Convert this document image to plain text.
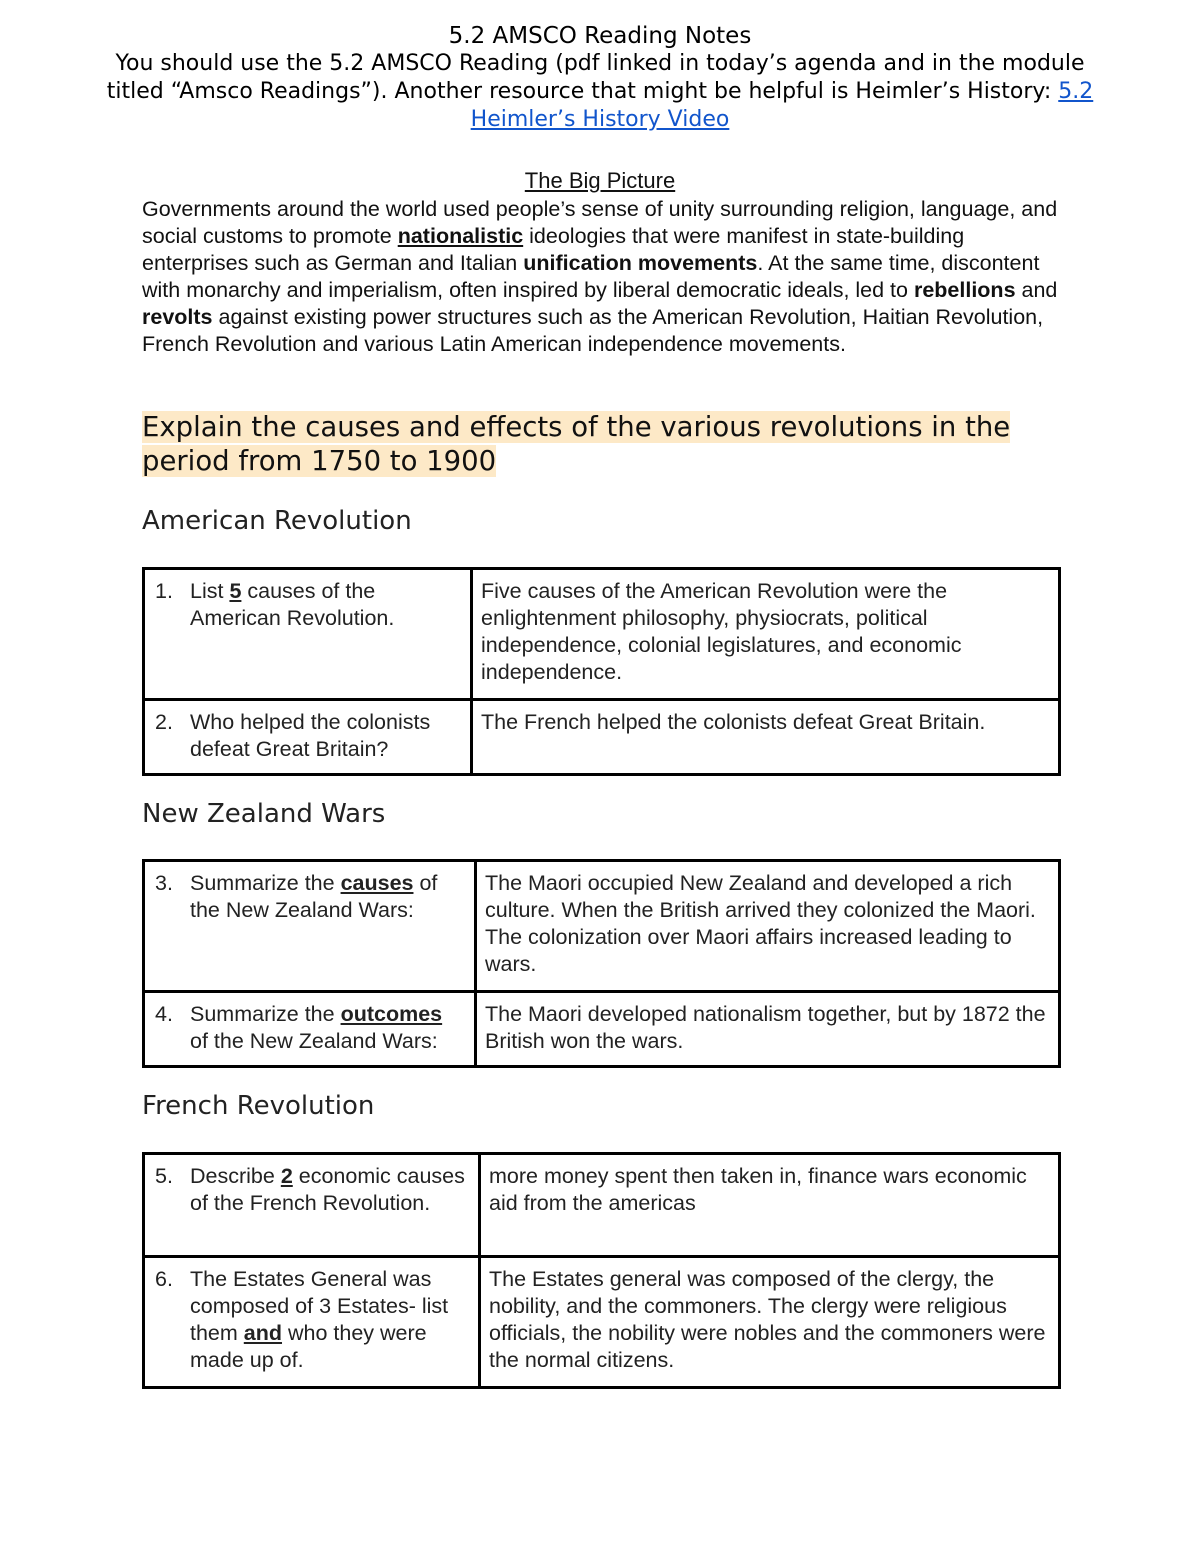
5.2 AMSCO Reading Notes
You should use the 5.2 AMSCO Reading (pdf linked in today’s agenda and in the module titled “Amsco Readings”). Another resource that might be helpful is Heimler’s History: 5.2 Heimler’s History Video
The Big Picture
Governments around the world used people’s sense of unity surrounding religion, language, and social customs to promote nationalistic ideologies that were manifest in state-building enterprises such as German and Italian unification movements. At the same time, discontent with monarchy and imperialism, often inspired by liberal democratic ideals, led to rebellions and revolts against existing power structures such as the American Revolution, Haitian Revolution, French Revolution and various Latin American independence movements.
Explain the causes and effects of the various revolutions in the period from 1750 to 1900
American Revolution
1. List 5 causes of the American Revolution.	Five causes of the American Revolution were the enlightenment philosophy, physiocrats, political independence, colonial legislatures, and economic independence.

2. Who helped the colonists defeat Great Britain?	The French helped the colonists defeat Great Britain.
New Zealand Wars
3. Summarize the causes of the New Zealand Wars:	The Maori occupied New Zealand and developed a rich culture. When the British arrived they colonized the Maori. The colonization over Maori affairs increased leading to wars.

4. Summarize the outcomes of the New Zealand Wars:	The Maori developed nationalism together, but by 1872 the British won the wars.
French Revolution
5. Describe 2 economic causes of the French Revolution.	more money spent then taken in, finance wars economic aid from the americas

6. The Estates General was composed of 3 Estates- list them and who they were made up of.	The Estates general was composed of the clergy, the nobility, and the commoners. The clergy were religious officials, the nobility were nobles and the commoners were the normal citizens.
